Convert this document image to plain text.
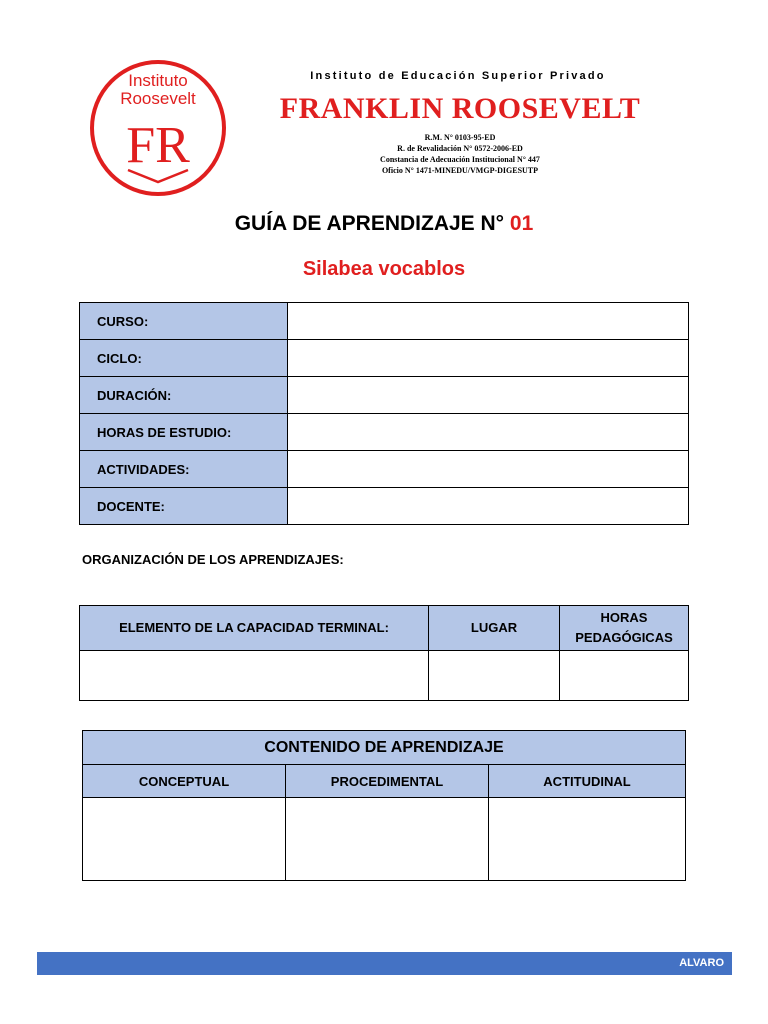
Instituto
Roosevelt
FR
Instituto de Educación Superior Privado
FRANKLIN ROOSEVELT
R.M. N° 0103-95-ED
R. de Revalidación N° 0572-2006-ED
Constancia de Adecuación Institucional N° 447
Oficio N° 1471-MINEDU/VMGP-DIGESUTP
GUÍA DE APRENDIZAJE N° 01
Silabea vocablos
CURSO:	
CICLO:	
DURACIÓN:	
HORAS DE ESTUDIO:	
ACTIVIDADES:	
DOCENTE:	
ORGANIZACIÓN DE LOS APRENDIZAJES:
ELEMENTO DE LA CAPACIDAD TERMINAL:	LUGAR	HORAS PEDAGÓGICAS

CONTENIDO DE APRENDIZAJE		
CONCEPTUAL	PROCEDIMENTAL	ACTITUDINAL

ALVARO
